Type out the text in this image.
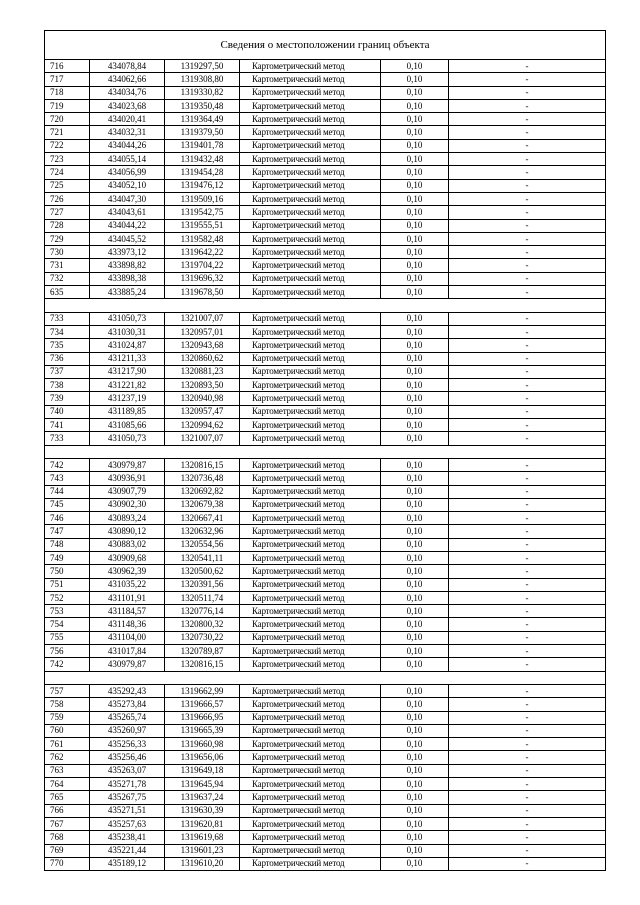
Сведения о местоположении границ объекта					
716	434078,84	1319297,50	Картометрический метод	0,10	-
717	434062,66	1319308,80	Картометрический метод	0,10	-
718	434034,76	1319330,82	Картометрический метод	0,10	-
719	434023,68	1319350,48	Картометрический метод	0,10	-
720	434020,41	1319364,49	Картометрический метод	0,10	-
721	434032,31	1319379,50	Картометрический метод	0,10	-
722	434044,26	1319401,78	Картометрический метод	0,10	-
723	434055,14	1319432,48	Картометрический метод	0,10	-
724	434056,99	1319454,28	Картометрический метод	0,10	-
725	434052,10	1319476,12	Картометрический метод	0,10	-
726	434047,30	1319509,16	Картометрический метод	0,10	-
727	434043,61	1319542,75	Картометрический метод	0,10	-
728	434044,22	1319555,51	Картометрический метод	0,10	-
729	434045,52	1319582,48	Картометрический метод	0,10	-
730	433973,12	1319642,22	Картометрический метод	0,10	-
731	433898,82	1319704,22	Картометрический метод	0,10	-
732	433898,38	1319696,32	Картометрический метод	0,10	-
635	433885,24	1319678,50	Картометрический метод	0,10	-

733	431050,73	1321007,07	Картометрический метод	0,10	-
734	431030,31	1320957,01	Картометрический метод	0,10	-
735	431024,87	1320943,68	Картометрический метод	0,10	-
736	431211,33	1320860,62	Картометрический метод	0,10	-
737	431217,90	1320881,23	Картометрический метод	0,10	-
738	431221,82	1320893,50	Картометрический метод	0,10	-
739	431237,19	1320940,98	Картометрический метод	0,10	-
740	431189,85	1320957,47	Картометрический метод	0,10	-
741	431085,66	1320994,62	Картометрический метод	0,10	-
733	431050,73	1321007,07	Картометрический метод	0,10	-

742	430979,87	1320816,15	Картометрический метод	0,10	-
743	430936,91	1320736,48	Картометрический метод	0,10	-
744	430907,79	1320692,82	Картометрический метод	0,10	-
745	430902,30	1320679,38	Картометрический метод	0,10	-
746	430893,24	1320667,41	Картометрический метод	0,10	-
747	430890,12	1320632,96	Картометрический метод	0,10	-
748	430883,02	1320554,56	Картометрический метод	0,10	-
749	430909,68	1320541,11	Картометрический метод	0,10	-
750	430962,39	1320500,62	Картометрический метод	0,10	-
751	431035,22	1320391,56	Картометрический метод	0,10	-
752	431101,91	1320511,74	Картометрический метод	0,10	-
753	431184,57	1320776,14	Картометрический метод	0,10	-
754	431148,36	1320800,32	Картометрический метод	0,10	-
755	431104,00	1320730,22	Картометрический метод	0,10	-
756	431017,84	1320789,87	Картометрический метод	0,10	-
742	430979,87	1320816,15	Картометрический метод	0,10	-

757	435292,43	1319662,99	Картометрический метод	0,10	-
758	435273,84	1319666,57	Картометрический метод	0,10	-
759	435265,74	1319666,95	Картометрический метод	0,10	-
760	435260,97	1319665,39	Картометрический метод	0,10	-
761	435256,33	1319660,98	Картометрический метод	0,10	-
762	435256,46	1319656,06	Картометрический метод	0,10	-
763	435263,07	1319649,18	Картометрический метод	0,10	-
764	435271,78	1319645,94	Картометрический метод	0,10	-
765	435267,75	1319637,24	Картометрический метод	0,10	-
766	435271,51	1319630,39	Картометрический метод	0,10	-
767	435257,63	1319620,81	Картометрический метод	0,10	-
768	435238,41	1319619,68	Картометрический метод	0,10	-
769	435221,44	1319601,23	Картометрический метод	0,10	-
770	435189,12	1319610,20	Картометрический метод	0,10	-
